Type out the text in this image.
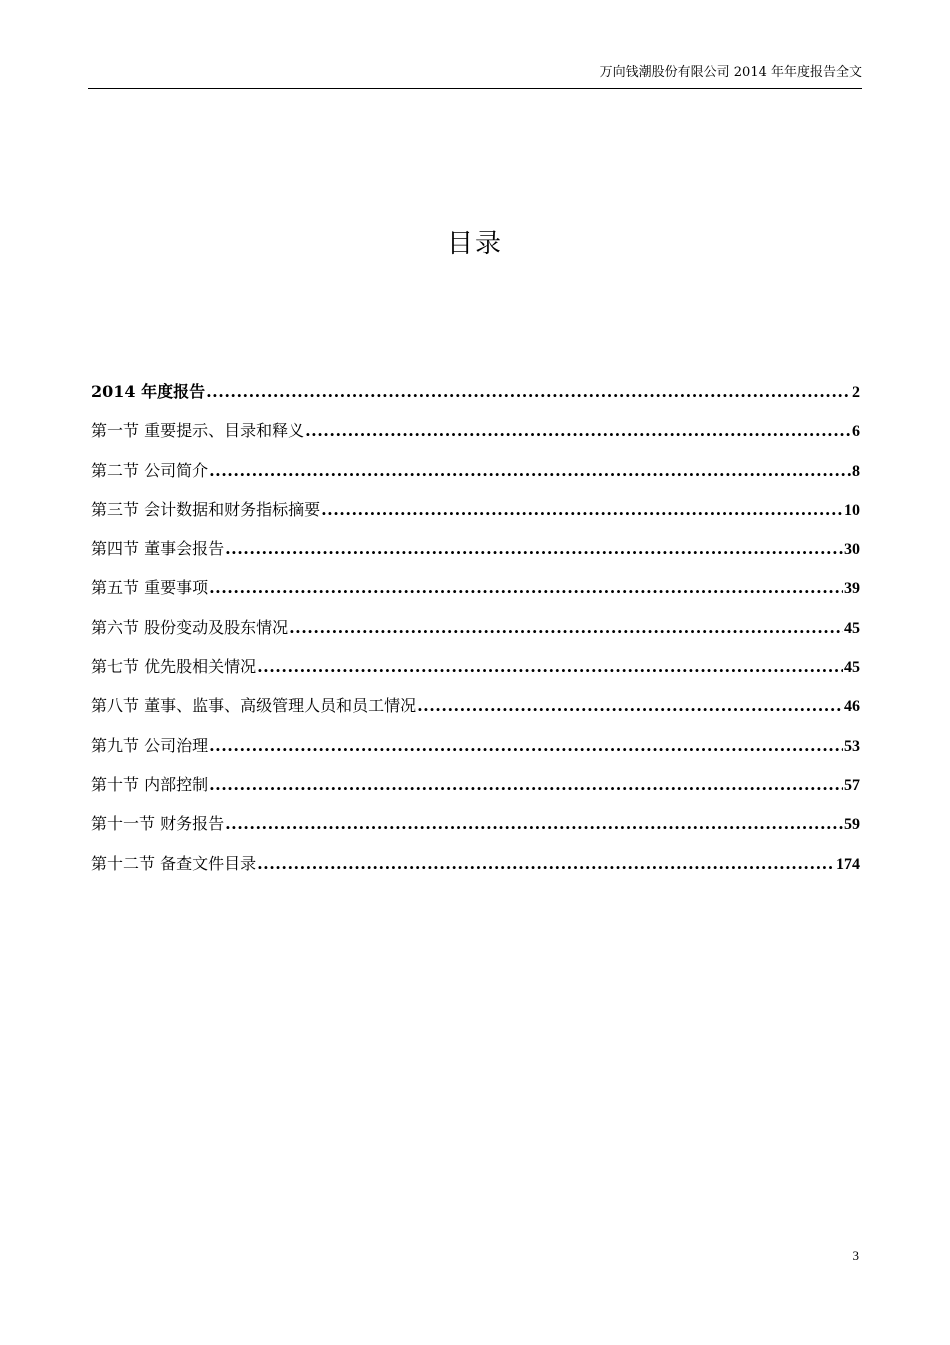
万向钱潮股份有限公司 2014 年年度报告全文
目录
2014 年度报告 .....	2
第一节 重要提示、目录和释义 .....	6
第二节 公司简介 .....	8
第三节 会计数据和财务指标摘要 .....	10
第四节 董事会报告 .....	30
第五节 重要事项 .....	39
第六节 股份变动及股东情况 .....	45
第七节 优先股相关情况 .....	45
第八节 董事、监事、高级管理人员和员工情况 .....	46
第九节 公司治理 .....	53
第十节 内部控制 .....	57
第十一节 财务报告 .....	59
第十二节 备查文件目录 .....	174
3
